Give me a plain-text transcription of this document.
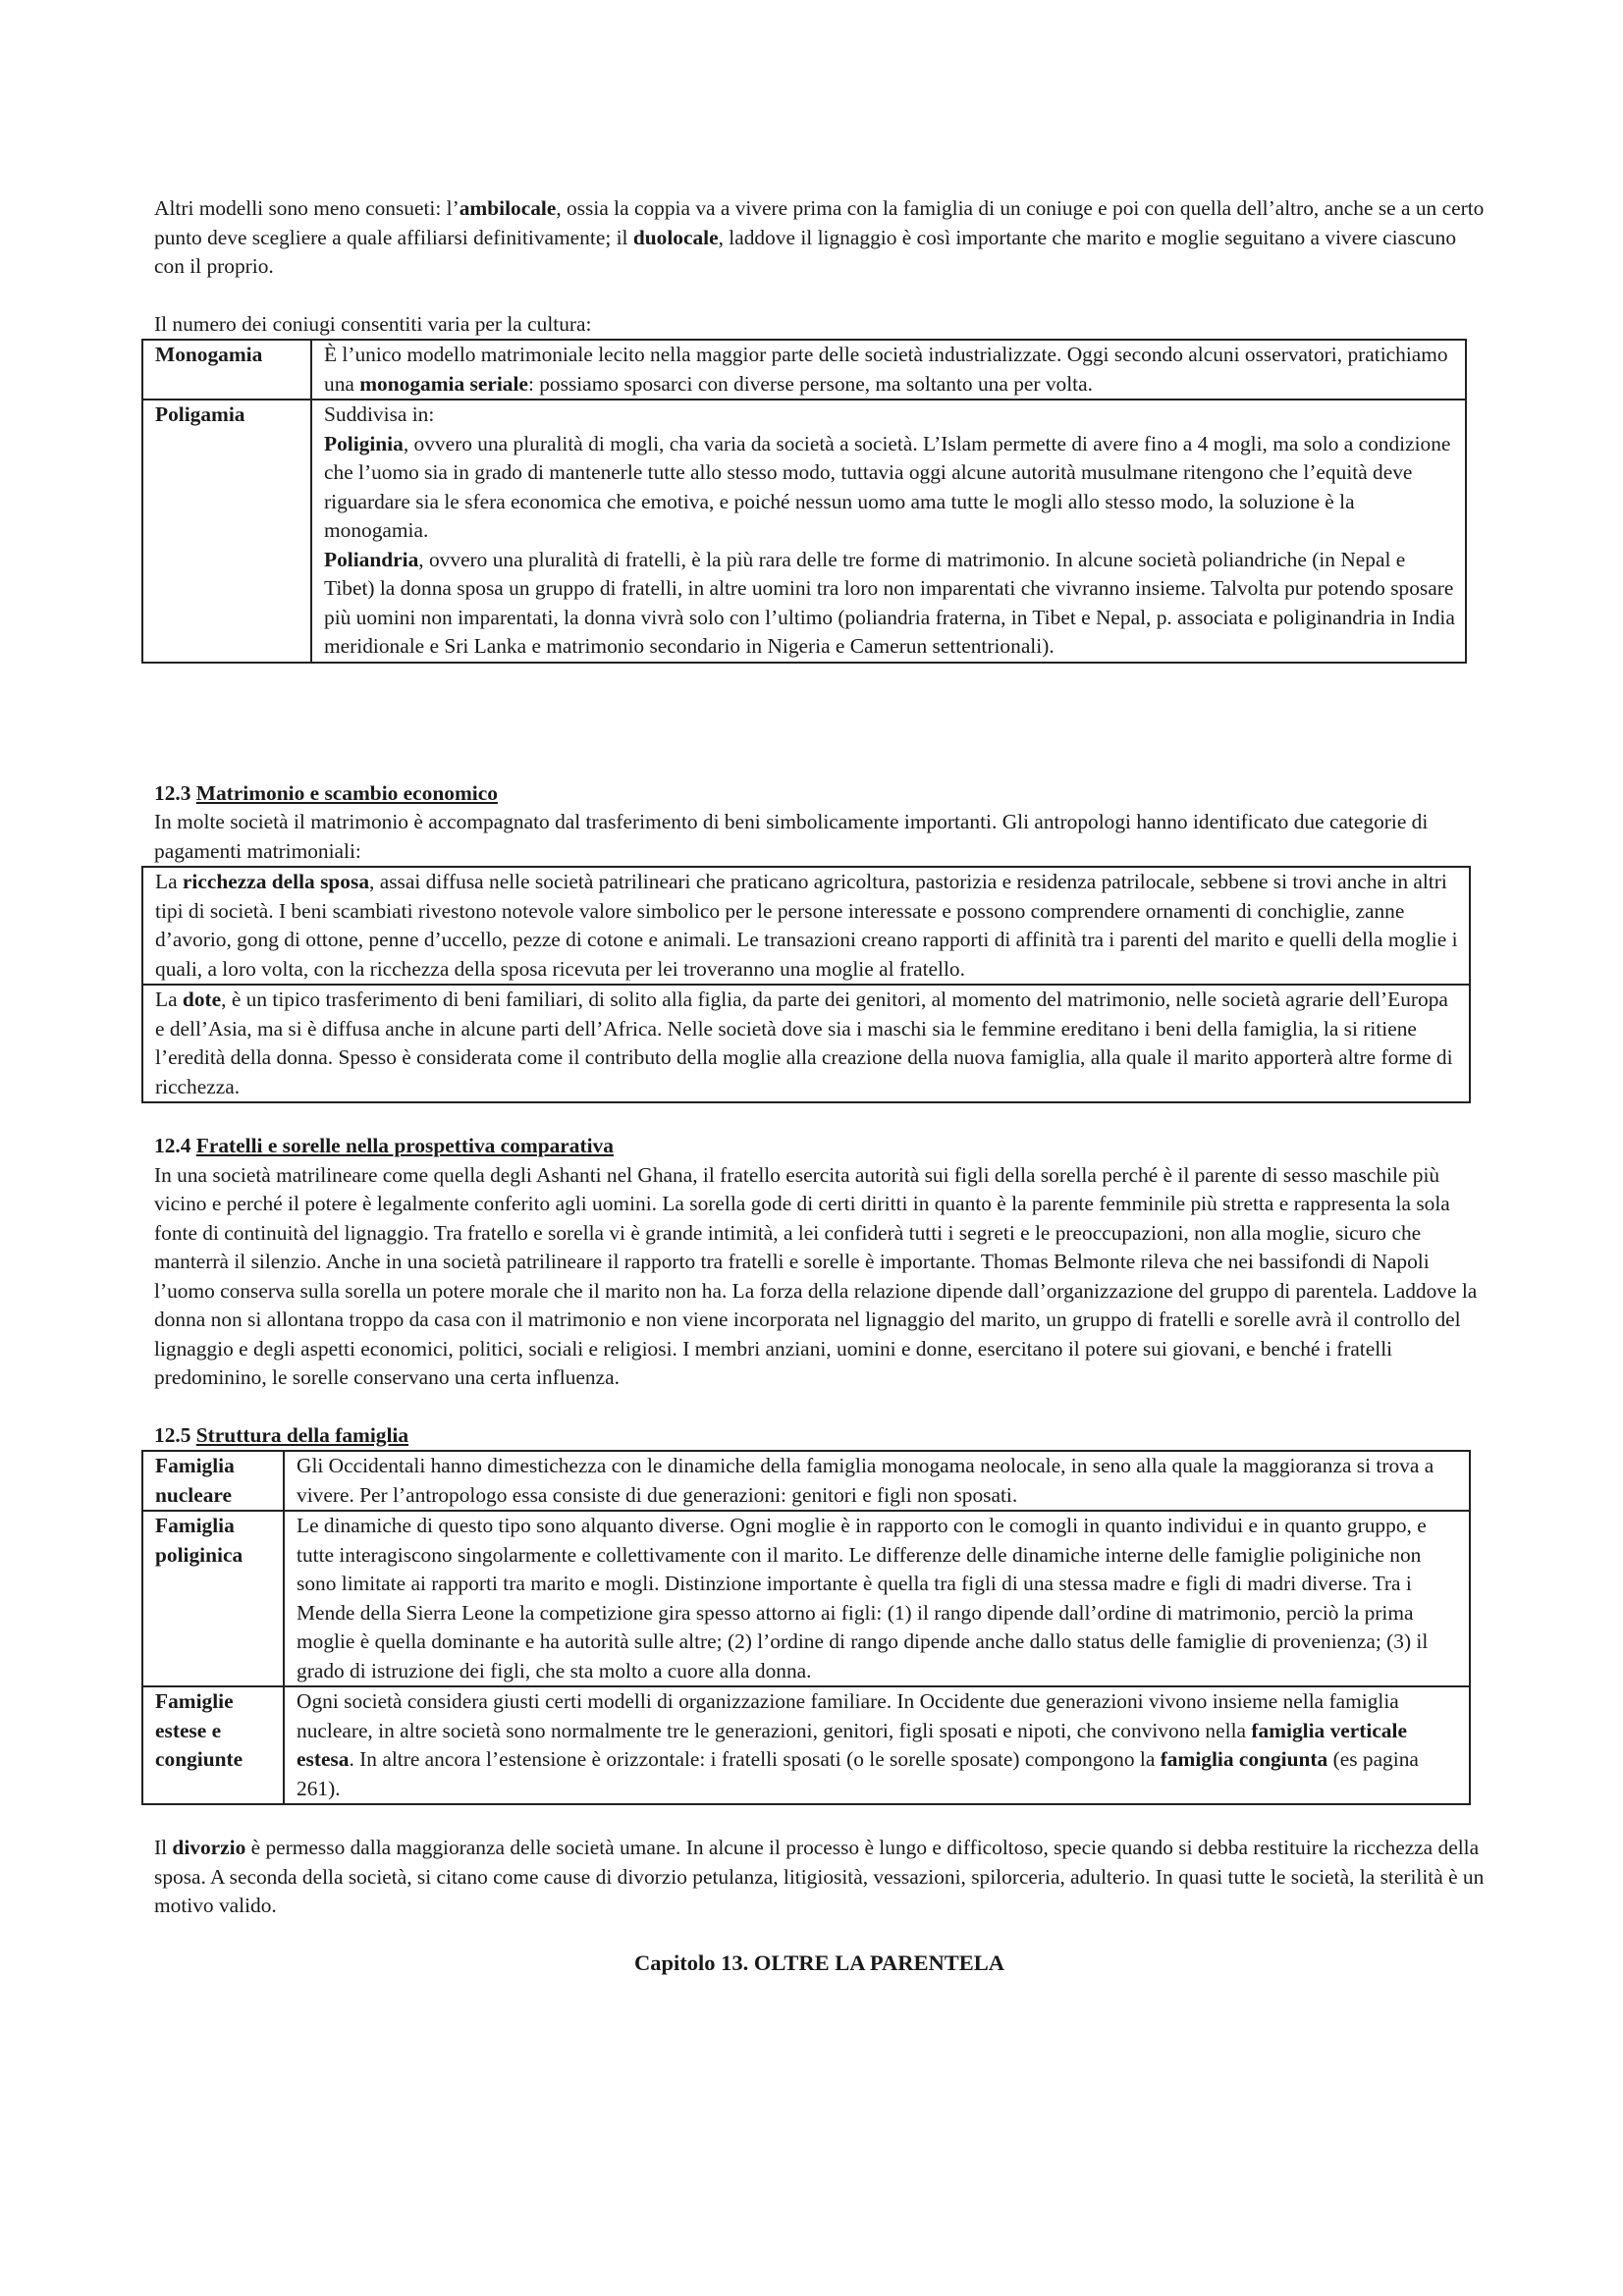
Altri modelli sono meno consueti: l’ambilocale, ossia la coppia va a vivere prima con la famiglia di un coniuge e poi con quella dell’altro, anche se a un certo punto deve scegliere a quale affiliarsi definitivamente; il duolocale, laddove il lignaggio è così importante che marito e moglie seguitano a vivere ciascuno con il proprio.

Il numero dei coniugi consentiti varia per la cultura:

Monogamia	È l’unico modello matrimoniale lecito nella maggior parte delle società industrializzate. Oggi secondo alcuni osservatori, pratichiamo una monogamia seriale: possiamo sposarci con diverse persone, ma soltanto una per volta.
Poligamia	Suddivisa in:
Poliginia, ovvero una pluralità di mogli, cha varia da società a società. L’Islam permette di avere fino a 4 mogli, ma solo a condizione che l’uomo sia in grado di mantenerle tutte allo stesso modo, tuttavia oggi alcune autorità musulmane ritengono che l’equità deve riguardare sia le sfera economica che emotiva, e poiché nessun uomo ama tutte le mogli allo stesso modo, la soluzione è la monogamia.
Poliandria, ovvero una pluralità di fratelli, è la più rara delle tre forme di matrimonio. In alcune società poliandriche (in Nepal e Tibet) la donna sposa un gruppo di fratelli, in altre uomini tra loro non imparentati che vivranno insieme. Talvolta pur potendo sposare più uomini non imparentati, la donna vivrà solo con l’ultimo (poliandria fraterna, in Tibet e Nepal, p. associata e poliginandria in India meridionale e Sri Lanka e matrimonio secondario in Nigeria e Camerun settentrionali).

12.3 Matrimonio e scambio economico

In molte società il matrimonio è accompagnato dal trasferimento di beni simbolicamente importanti. Gli antropologi hanno identificato due categorie di pagamenti matrimoniali:

La ricchezza della sposa, assai diffusa nelle società patrilineari che praticano agricoltura, pastorizia e residenza patrilocale, sebbene si trovi anche in altri tipi di società. I beni scambiati rivestono notevole valore simbolico per le persone interessate e possono comprendere ornamenti di conchiglie, zanne d’avorio, gong di ottone, penne d’uccello, pezze di cotone e animali. Le transazioni creano rapporti di affinità tra i parenti del marito e quelli della moglie i quali, a loro volta, con la ricchezza della sposa ricevuta per lei troveranno una moglie al fratello.
La dote, è un tipico trasferimento di beni familiari, di solito alla figlia, da parte dei genitori, al momento del matrimonio, nelle società agrarie dell’Europa e dell’Asia, ma si è diffusa anche in alcune parti dell’Africa. Nelle società dove sia i maschi sia le femmine ereditano i beni della famiglia, la si ritiene l’eredità della donna. Spesso è considerata come il contributo della moglie alla creazione della nuova famiglia, alla quale il marito apporterà altre forme di ricchezza.

12.4 Fratelli e sorelle nella prospettiva comparativa

In una società matrilineare come quella degli Ashanti nel Ghana, il fratello esercita autorità sui figli della sorella perché è il parente di sesso maschile più vicino e perché il potere è legalmente conferito agli uomini. La sorella gode di certi diritti in quanto è la parente femminile più stretta e rappresenta la sola fonte di continuità del lignaggio. Tra fratello e sorella vi è grande intimità, a lei confiderà tutti i segreti e le preoccupazioni, non alla moglie, sicuro che manterrà il silenzio. Anche in una società patrilineare il rapporto tra fratelli e sorelle è importante. Thomas Belmonte rileva che nei bassifondi di Napoli l’uomo conserva sulla sorella un potere morale che il marito non ha. La forza della relazione dipende dall’organizzazione del gruppo di parentela. Laddove la donna non si allontana troppo da casa con il matrimonio e non viene incorporata nel lignaggio del marito, un gruppo di fratelli e sorelle avrà il controllo del lignaggio e degli aspetti economici, politici, sociali e religiosi. I membri anziani, uomini e donne, esercitano il potere sui giovani, e benché i fratelli predominino, le sorelle conservano una certa influenza.

12.5 Struttura della famiglia

Famiglia nucleare	Gli Occidentali hanno dimestichezza con le dinamiche della famiglia monogama neolocale, in seno alla quale la maggioranza si trova a vivere. Per l’antropologo essa consiste di due generazioni: genitori e figli non sposati.
Famiglia poliginica	Le dinamiche di questo tipo sono alquanto diverse. Ogni moglie è in rapporto con le comogli in quanto individui e in quanto gruppo, e tutte interagiscono singolarmente e collettivamente con il marito. Le differenze delle dinamiche interne delle famiglie poliginiche non sono limitate ai rapporti tra marito e mogli. Distinzione importante è quella tra figli di una stessa madre e figli di madri diverse. Tra i Mende della Sierra Leone la competizione gira spesso attorno ai figli: (1) il rango dipende dall’ordine di matrimonio, perciò la prima moglie è quella dominante e ha autorità sulle altre; (2) l’ordine di rango dipende anche dallo status delle famiglie di provenienza; (3) il grado di istruzione dei figli, che sta molto a cuore alla donna.
Famiglie estese e congiunte	Ogni società considera giusti certi modelli di organizzazione familiare. In Occidente due generazioni vivono insieme nella famiglia nucleare, in altre società sono normalmente tre le generazioni, genitori, figli sposati e nipoti, che convivono nella famiglia verticale estesa. In altre ancora l’estensione è orizzontale: i fratelli sposati (o le sorelle sposate) compongono la famiglia congiunta (es pagina 261).

Il divorzio è permesso dalla maggioranza delle società umane. In alcune il processo è lungo e difficoltoso, specie quando si debba restituire la ricchezza della sposa. A seconda della società, si citano come cause di divorzio petulanza, litigiosità, vessazioni, spilorceria, adulterio. In quasi tutte le società, la sterilità è un motivo valido.

Capitolo 13. OLTRE LA PARENTELA
